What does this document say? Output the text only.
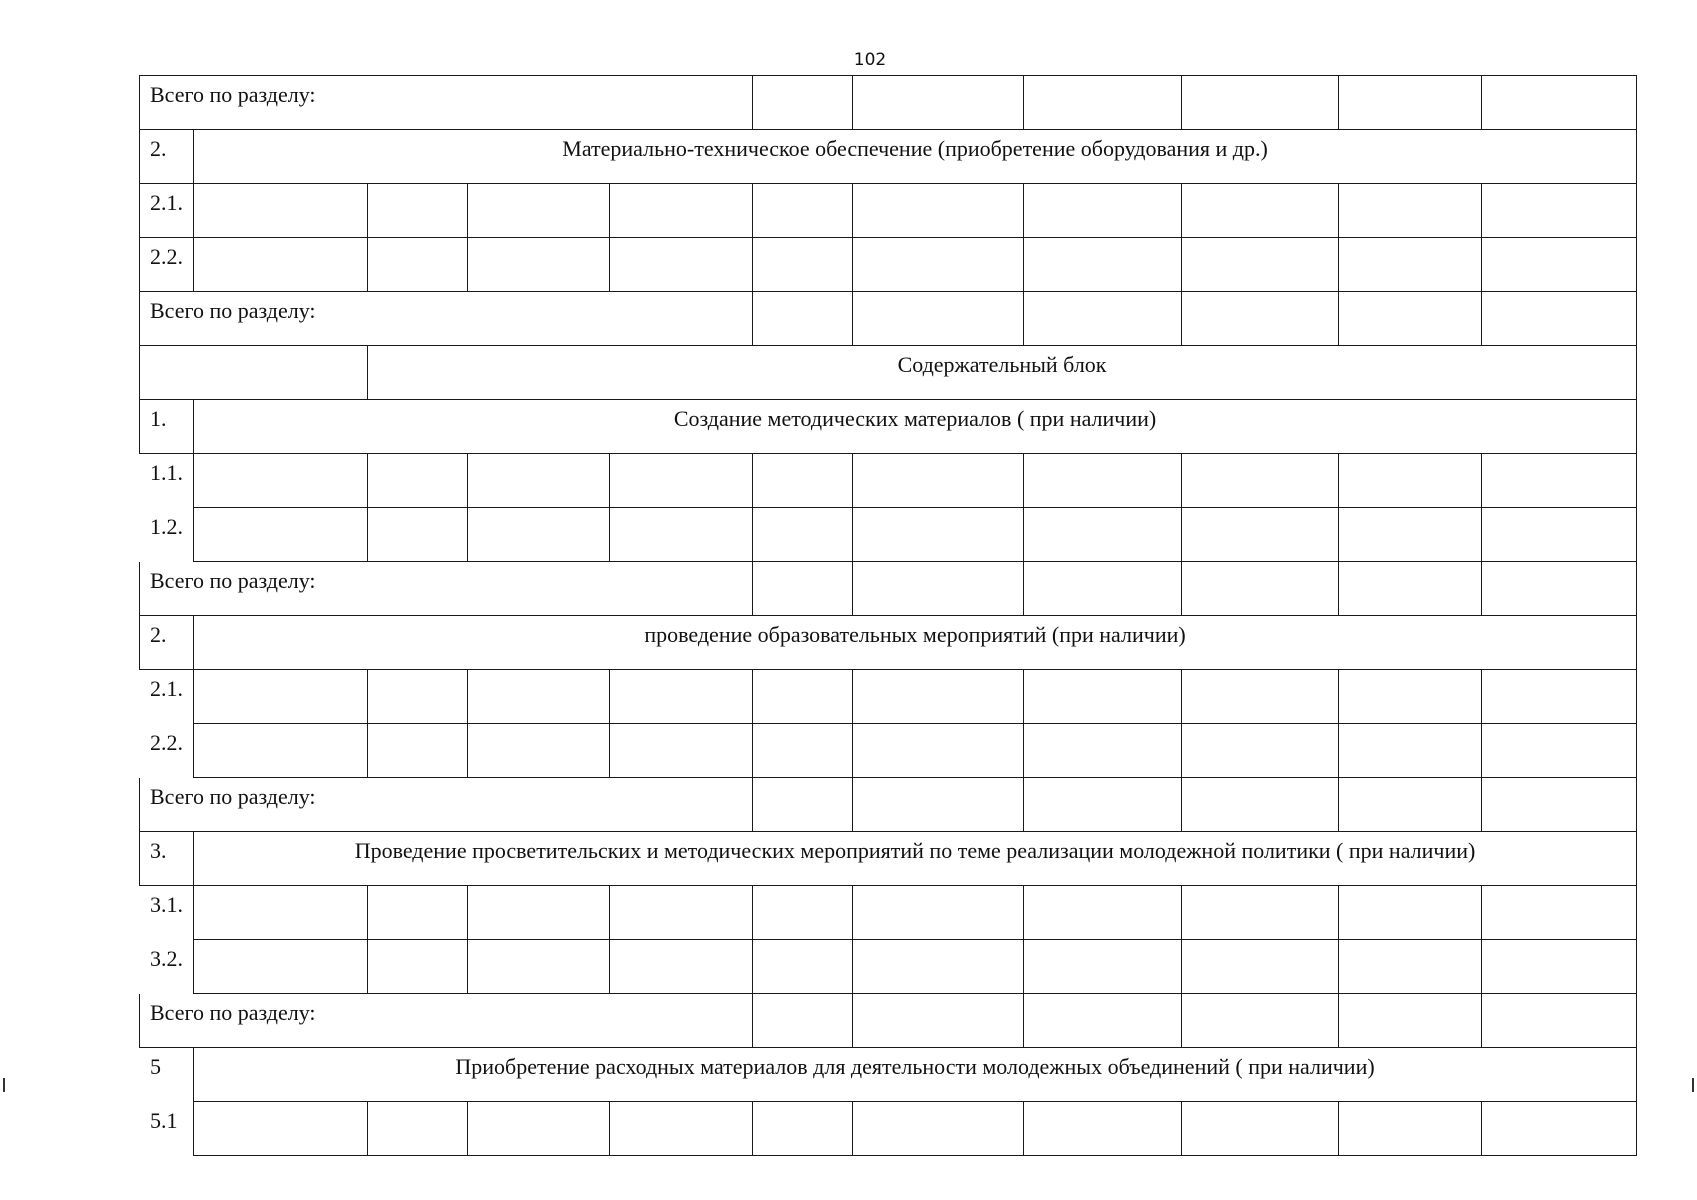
102
Всего по разделу:										
2.	Материально-техническое обеспечение (приобретение оборудования и др.)									
2.1.										
2.2.										
Всего по разделу:										
		Содержательный блок								
1.	Создание методических материалов ( при наличии)									
1.1.										
1.2.										
Всего по разделу:										
2.	проведение образовательных мероприятий (при наличии)									
2.1.										
2.2.										
Всего по разделу:										
3.	Проведение просветительских и методических мероприятий по теме реализации молодежной политики ( при наличии)									
3.1.										
3.2.										
Всего по разделу:										
5	Приобретение расходных материалов для деятельности молодежных объединений ( при наличии)									
5.1										
